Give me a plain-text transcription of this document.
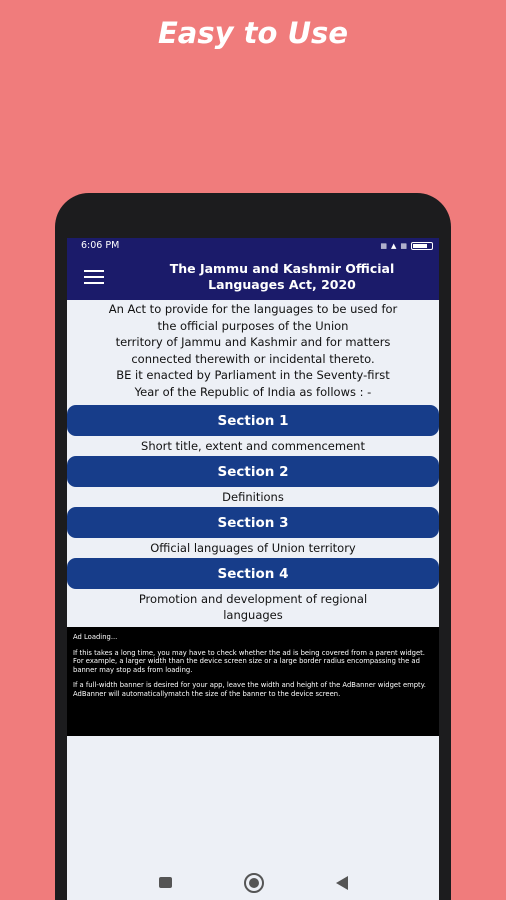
Easy to Use
6:06 PM	▦ ▲ ▦
The Jammu and Kashmir Official
Languages Act, 2020
An Act to provide for the languages to be used for
the official purposes of the Union
territory of Jammu and Kashmir and for matters
connected therewith or incidental thereto.
BE it enacted by Parliament in the Seventy-first
Year of the Republic of India as follows : -
Section 1
Short title, extent and commencement
Section 2
Definitions
Section 3
Official languages of Union territory
Section 4
Promotion and development of regional
languages

Ad Loading...

If this takes a long time, you may have to check whether the ad is being covered from a parent widget. For example, a larger width than the device screen size or a large border radius encompassing the ad banner may stop ads from loading.

If a full-width banner is desired for your app, leave the width and height of the AdBanner widget empty. AdBanner will automaticallymatch the size of the banner to the device screen.
